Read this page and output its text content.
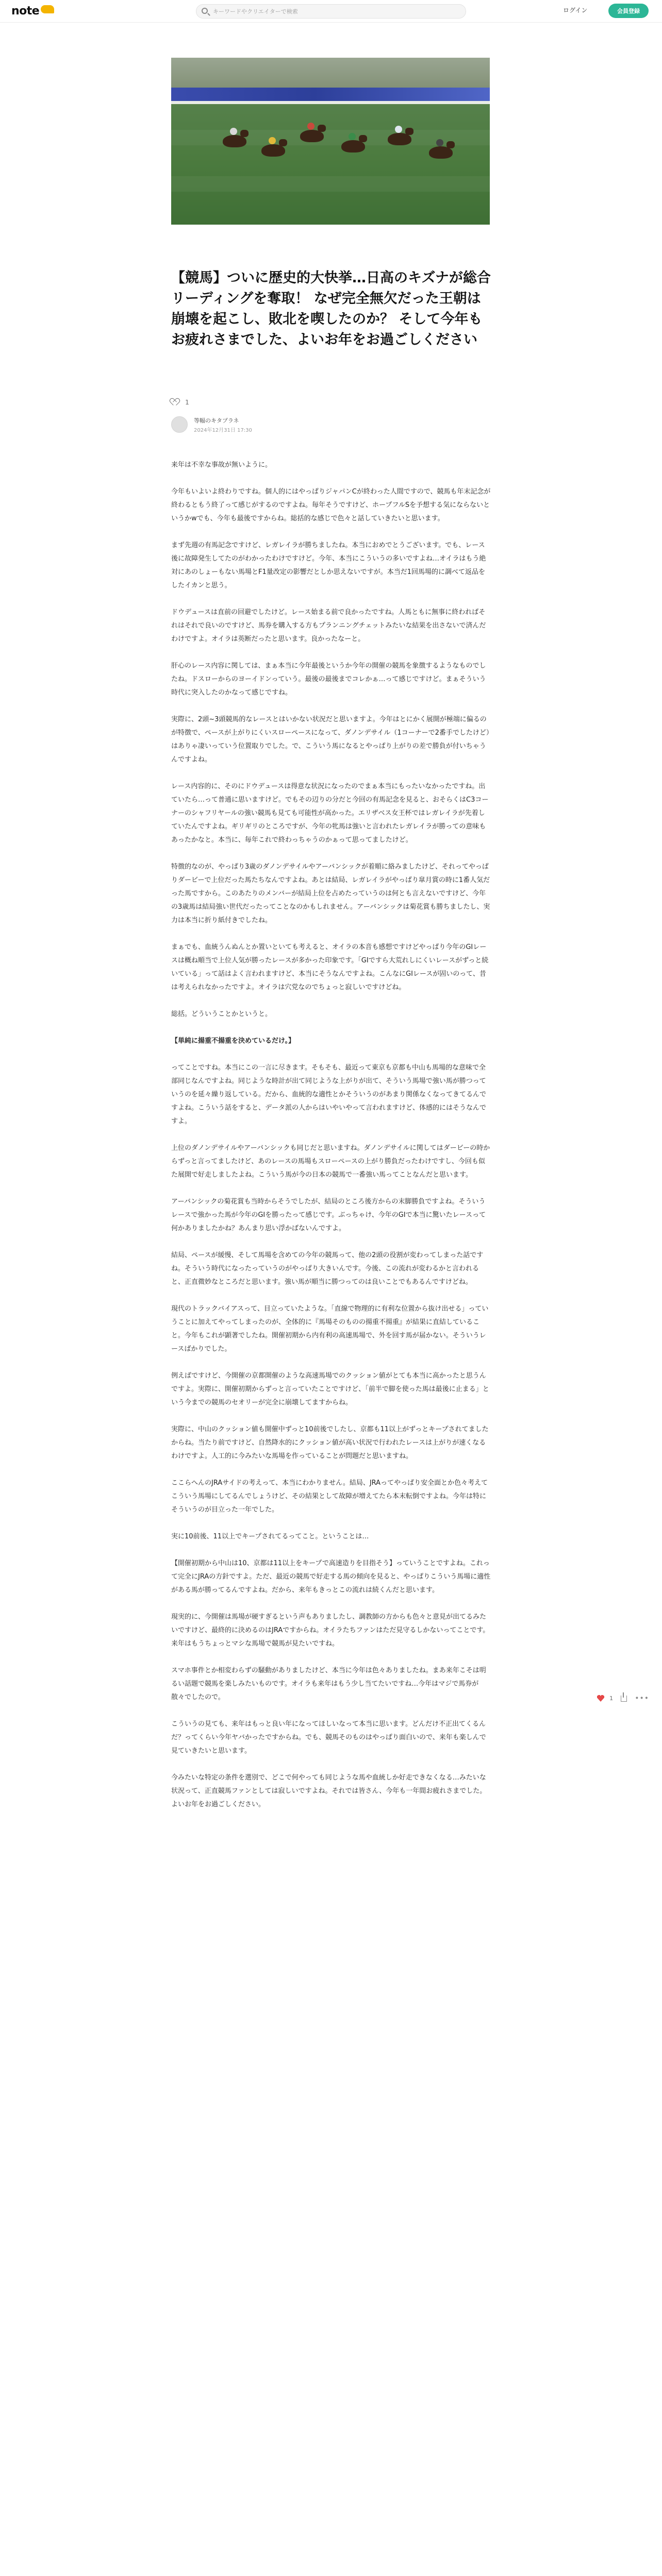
note
キーワードやクリエイターで検索	ログイン	会員登録
【競馬】ついに歴史的大快挙…日高のキズナが総合リーディングを奪取！ なぜ完全無欠だった王朝は崩壊を起こし、敗北を喫したのか？ そして今年もお疲れさまでした、よいお年をお過ごしください
1
等幅のキタプラネ
2024年12月31日 17:30

来年は不幸な事故が無いように。

今年もいよいよ終わりですね。個人的にはやっぱりジャパンCが終わった人間ですので、競馬も年末記念が終わるともう終了って感じがするのですよね。毎年そうですけど、ホープフルSを予想する気にならないというかwでも、今年も最後ですからね。総括的な感じで色々と話していきたいと思います。

まず先週の有馬記念ですけど、レガレイラが勝ちましたね。本当におめでとうございます。でも、レース後に故障発生してたのがわかったわけですけど。今年、本当にこういうの多いですよね…オイラはもう絶対にあのしょーもない馬場とF1量改定の影響だとしか思えないですが。本当だ1回馬場的に調べて返品をしたイカンと思う。

ドウデュースは直前の回避でしたけど。レース始まる前で良かったですね。人馬ともに無事に終わればそれはそれで良いのですけど、馬券を購入する方もプランニングチェットみたいな結果を出さないで済んだわけですよ。オイラは英断だったと思います。良かったなーと。

肝心のレース内容に関しては、まぁ本当に今年最後というか今年の開催の競馬を象徴するようなものでしたね。ドスローからのヨーイドンっていう。最後の最後までコレかぁ…って感じですけど。まぁそういう時代に突入したのかなって感じですね。

実際に、2頭~3頭競馬的なレースとはいかない状況だと思いますよ。今年はとにかく展開が極端に偏るのが特徴で、ペースが上がりにくいスローペースになって、ダノンデサイル（1コーナーで2番手でしたけど）はありゃ凄いっていう位置取りでした。で、こういう馬になるとやっぱり上がりの差で勝負が付いちゃうんですよね。

レース内容的に、そのにドウデュースは得意な状況になったのでまぁ本当にもったいなかったですね。出ていたら…って普通に思いますけど。でもその辺りの分だと今回の有馬記念を見ると、おそらくはC3コーナーのシャフリヤールの強い競馬も見ても可能性が高かった。エリザベス女王杯ではレガレイラが先着していたんですよね。ギリギリのところですが、今年の牝馬は強いと言われたレガレイラが勝っての意味もあったかなと。本当に、毎年これで終わっちゃうのかぁって思ってましたけど。

特徴的なのが、やっぱり3歳のダノンデサイルやアーバンシックが着順に絡みましたけど、それってやっぱりダービーで上位だった馬たちなんですよね。あとは結局、レガレイラがやっぱり皐月賞の時に1番人気だった馬ですから。このあたりのメンバーが結局上位を占めたっていうのは何とも言えないですけど、今年の3歳馬は結局強い世代だったってことなのかもしれません。アーバンシックは菊花賞も勝ちましたし、実力は本当に折り紙付きでしたね。

まぁでも、血統うんぬんとか置いといても考えると、オイラの本音も感想ですけどやっぱり今年のGIレースは概ね順当で上位人気が勝ったレースが多かった印象です。「GIですら大荒れしにくいレースがずっと続いている」って話はよく言われますけど、本当にそうなんですよね。こんなにGIレースが固いのって、昔は考えられなかったですよ。オイラは穴党なのでちょっと寂しいですけどね。

総括。どういうことかというと。

【単純に揚重不揚重を決めているだけ。】

ってことですね。本当にこの一言に尽きます。そもそも、最近って東京も京都も中山も馬場的な意味で全部同じなんですよね。同じような時計が出て同じような上がりが出て、そういう馬場で強い馬が勝つっていうのを延々繰り返している。だから、血統的な適性とかそういうのがあまり関係なくなってきてるんですよね。こういう話をすると、データ派の人からはいやいやって言われますけど、体感的にはそうなんですよ。

上位のダノンデサイルやアーバンシックも同じだと思いますね。ダノンデサイルに関してはダービーの時からずっと言ってましたけど、あのレースの馬場もスローペースの上がり勝負だったわけですし、今回も似た展開で好走しましたよね。こういう馬が今の日本の競馬で一番強い馬ってことなんだと思います。

アーバンシックの菊花賞も当時からそうでしたが、結局のところ後方からの末脚勝負ですよね。そういうレースで強かった馬が今年のGIを勝ったって感じです。ぶっちゃけ、今年のGIで本当に驚いたレースって何かありましたかね？あんまり思い浮かばないんですよ。

結局、ペースが緩慢、そして馬場を含めての今年の競馬って、他の2頭の役割が変わってしまった話ですね。そういう時代になったっていうのがやっぱり大きいんです。今後、この流れが変わるかと言われると、正直微妙なところだと思います。強い馬が順当に勝つってのは良いことでもあるんですけどね。

現代のトラックバイアスって、目立っていたような。「直線で物理的に有利な位置から抜け出せる」っていうことに加えてやってしまったのが、全体的に『馬場そのものの揚重不揚重』が結果に直結していること。今年もこれが顕著でしたね。開催初期から内有利の高速馬場で、外を回す馬が届かない。そういうレースばかりでした。

例えばですけど、今開催の京都開催のような高速馬場でのクッション値がとても本当に高かったと思うんですよ。実際に、開催初期からずっと言っていたことですけど、「前半で脚を使った馬は最後に止まる」という今までの競馬のセオリーが完全に崩壊してますからね。

実際に、中山のクッション値も開催中ずっと10前後でしたし、京都も11以上がずっとキープされてましたからね。当たり前ですけど、自然降水的にクッション値が高い状況で行われたレースは上がりが速くなるわけですよ。人工的に今みたいな馬場を作っていることが問題だと思いますね。

ここらへんのJRAサイドの考えって、本当にわかりません。結局、JRAってやっぱり安全面とか色々考えてこういう馬場にしてるんでしょうけど、その結果として故障が増えてたら本末転倒ですよね。今年は特にそういうのが目立った一年でした。

実に10前後、11以上でキープされてるってこと。ということは…

【開催初期から中山は10、京都は11以上をキープで高速造りを目指そう】っていうことですよね。これって完全にJRAの方針ですよ。ただ、最近の競馬で好走する馬の傾向を見ると、やっぱりこういう馬場に適性がある馬が勝ってるんですよね。だから、来年もきっとこの流れは続くんだと思います。

現実的に、今開催は馬場が硬すぎるという声もありましたし、調教師の方からも色々と意見が出てるみたいですけど、最終的に決めるのはJRAですからね。オイラたちファンはただ見守るしかないってことです。来年はもうちょっとマシな馬場で競馬が見たいですね。

スマホ事件とか相変わらずの騒動がありましたけど、本当に今年は色々ありましたね。まあ来年こそは明るい話題で競馬を楽しみたいものです。オイラも来年はもう少し当てたいですね…今年はマジで馬券が散々でしたので。

こういうの見ても、来年はもっと良い年になってほしいなって本当に思います。どんだけ不正出てくるんだ？ってくらい今年ヤバかったですからね。でも、競馬そのものはやっぱり面白いので、来年も楽しんで見ていきたいと思います。

今みたいな特定の条件を選別で、どこで何やっても同じような馬や血統しか好走できなくなる…みたいな状況って、正直競馬ファンとしては寂しいですよね。それでは皆さん、今年も一年間お疲れさまでした。よいお年をお過ごしください。

1	•••
